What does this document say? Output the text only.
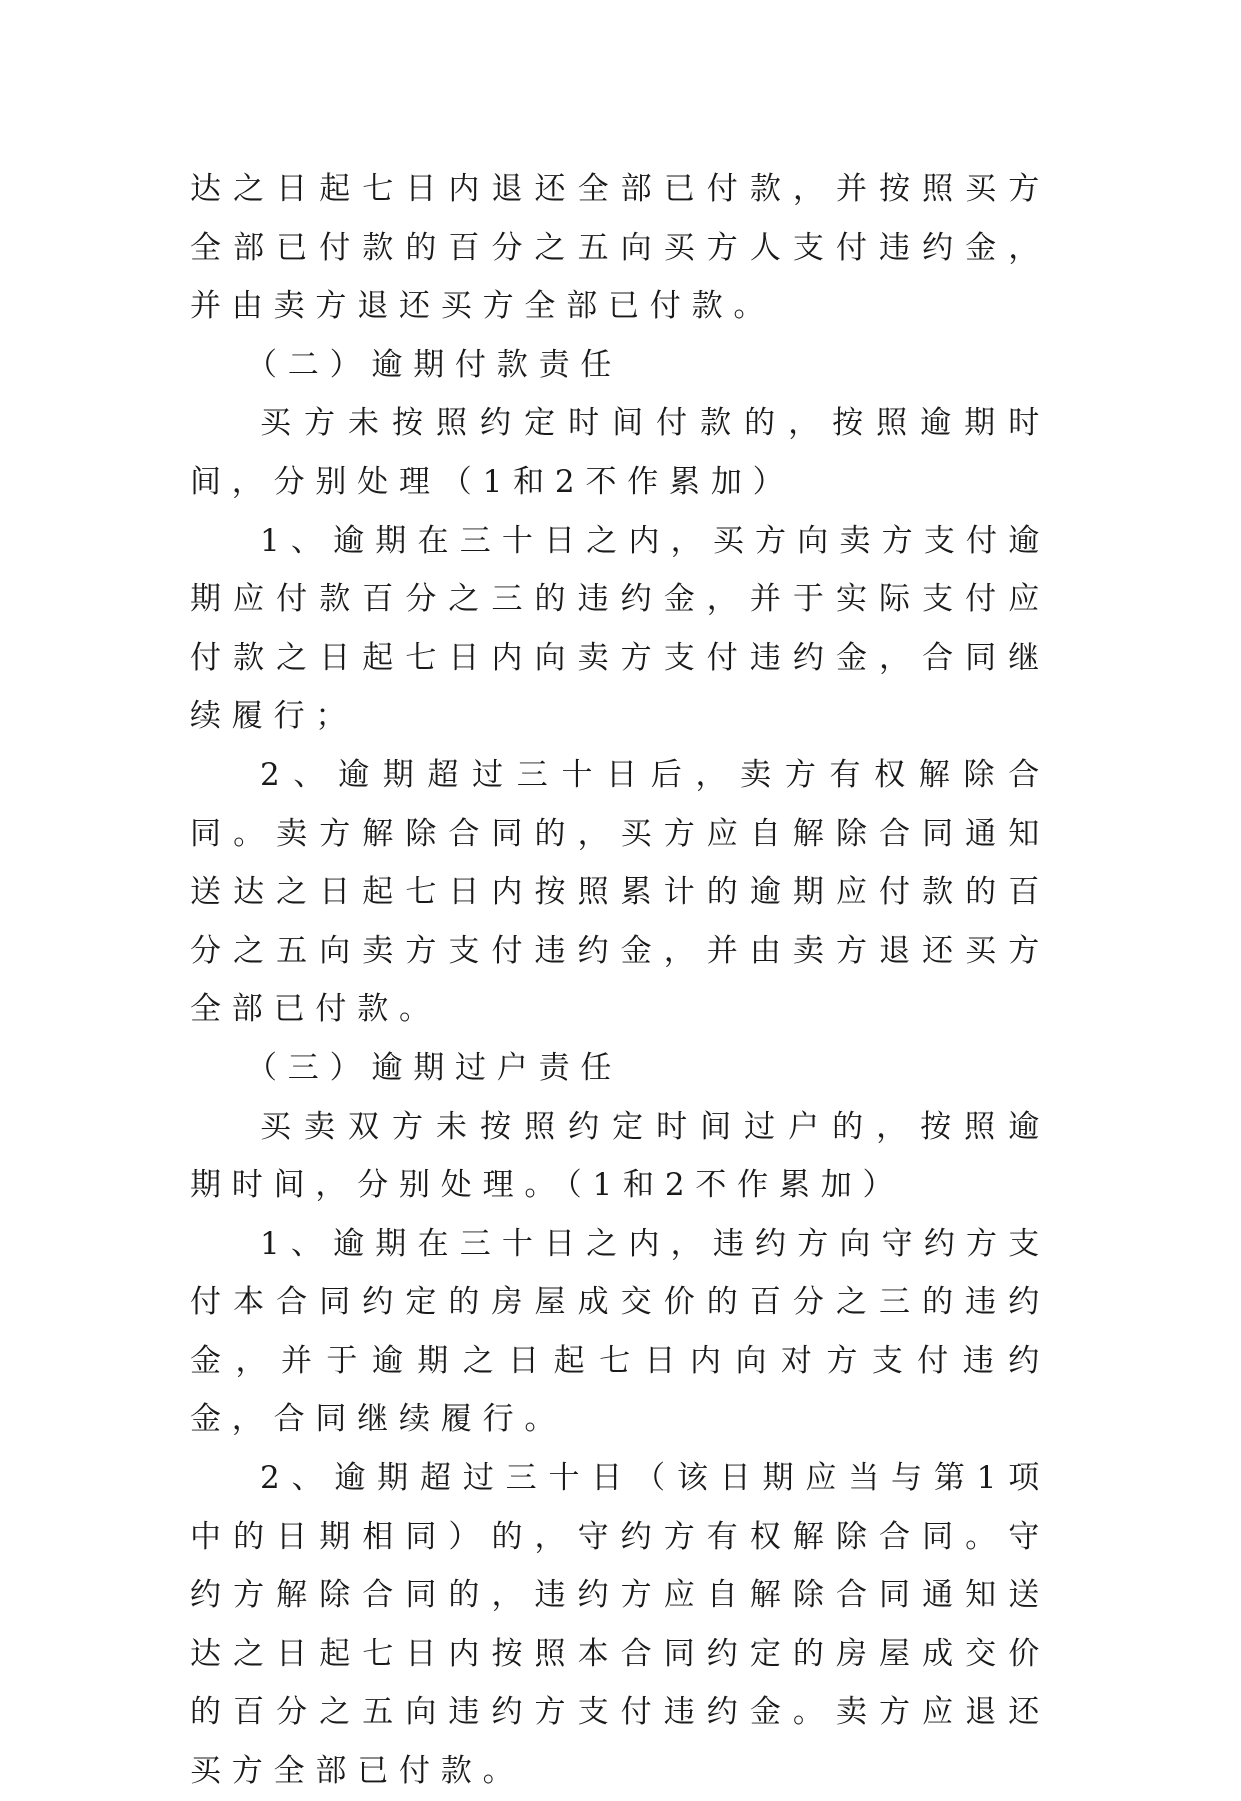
达之日起七日内退还全部已付款，并按照买方全部已付款的百分之五向买方人支付违约金，并由卖方退还买方全部已付款。

（二）逾期付款责任

买方未按照约定时间付款的，按照逾期时间，分别处理（1和2不作累加）

1、逾期在三十日之内，买方向卖方支付逾期应付款百分之三的违约金，并于实际支付应付款之日起七日内向卖方支付违约金，合同继续履行；

2、逾期超过三十日后，卖方有权解除合同。卖方解除合同的，买方应自解除合同通知送达之日起七日内按照累计的逾期应付款的百分之五向卖方支付违约金，并由卖方退还买方全部已付款。

（三）逾期过户责任

买卖双方未按照约定时间过户的，按照逾期时间，分别处理。（1和2不作累加）

1、逾期在三十日之内，违约方向守约方支付本合同约定的房屋成交价的百分之三的违约金，并于逾期之日起七日内向对方支付违约金，合同继续履行。

2、逾期超过三十日（该日期应当与第1项中的日期相同）的，守约方有权解除合同。守约方解除合同的，违约方应自解除合同通知送达之日起七日内按照本合同约定的房屋成交价的百分之五向违约方支付违约金。卖方应退还买方全部已付款。
